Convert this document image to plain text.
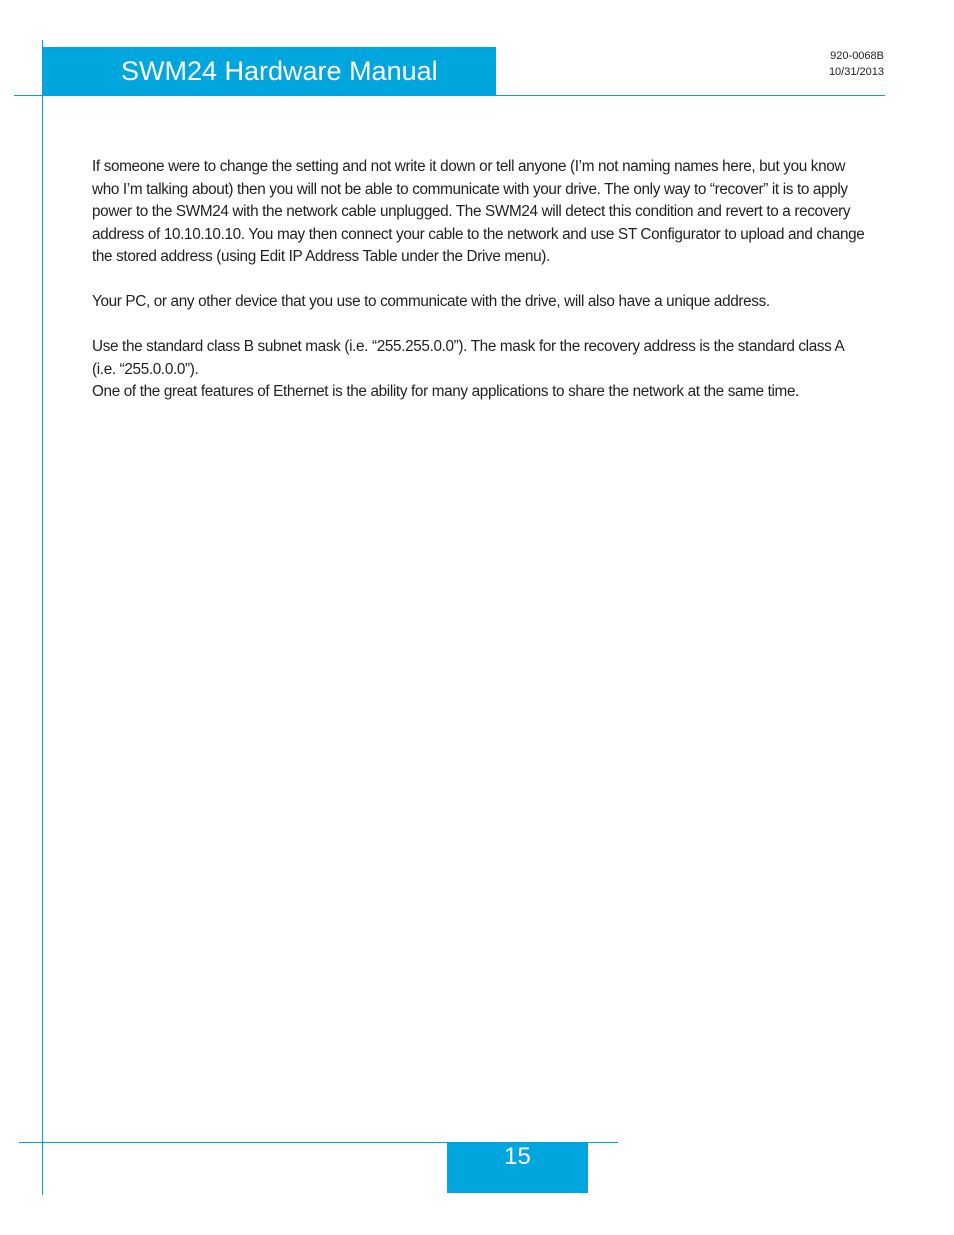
SWM24 Hardware Manual	920-0068B
10/31/2013

If someone were to change the setting and not write it down or tell anyone (I’m not naming names here, but you know who I’m talking about) then you will not be able to communicate with your drive. The only way to “recover” it is to apply power to the SWM24 with the network cable unplugged. The SWM24 will detect this condition and revert to a recovery address of 10.10.10.10. You may then connect your cable to the network and use ST Configurator to upload and change the stored address (using Edit IP Address Table under the Drive menu).

Your PC, or any other device that you use to communicate with the drive, will also have a unique address.

Use the standard class B subnet mask (i.e. “255.255.0.0”). The mask for the recovery address is the standard class A (i.e. “255.0.0.0”).

One of the great features of Ethernet is the ability for many applications to share the network at the same time.

15
